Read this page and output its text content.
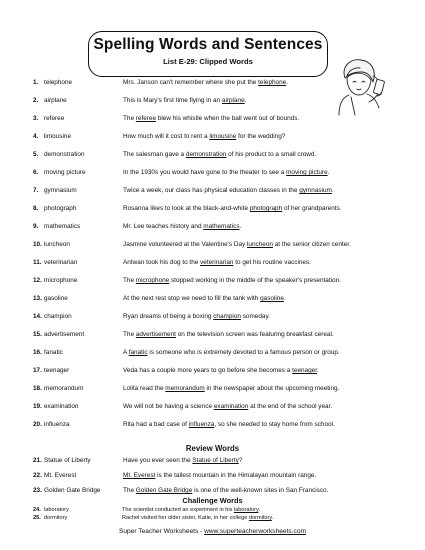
Spelling Words and Sentences
List E-29: Clipped Words
1. telephone	Mrs. Janson can't remember where she put the telephone.
2. airplane	This is Mary's first time flying in an airplane.
3. referee	The referee blew his whistle when the ball went out of bounds.
4. limousine	How much will it cost to rent a limousine for the wedding?
5. demonstration	The salesman gave a demonstration of his product to a small crowd.
6. moving picture	In the 1930s you would have gone to the theater to see a moving picture.
7. gymnasium	Twice a week, our class has physical education classes in the gymnasium.
8. photograph	Rosanna likes to look at the black-and-white photograph of her grandparents.
9. mathematics	Mr. Lee teaches history and mathematics.
10. luncheon	Jasmine volunteered at the Valentine's Day luncheon at the senior citizen center.
11. veterinarian	Antwan took his dog to the veterinarian to get his routine vaccines.
12. microphone	The microphone stopped working in the middle of the speaker's presentation.
13. gasoline	At the next rest stop we need to fill the tank with gasoline.
14. champion	Ryan dreams of being a boxing champion someday.
15. advertisement	The advertisement on the television screen was featuring breakfast cereal.
16. fanatic	A fanatic is someone who is extremely devoted to a famous person or group.
17. teenager	Veda has a couple more years to go before she becomes a teenager.
18. memorandum	Lolita read the memorandum in the newspaper about the upcoming meeting.
19. examination	We will not be having a science examination at the end of the school year.
20. influenza	Rita had a bad case of influenza, so she needed to stay home from school.
Review Words
21. Statue of Liberty	Have you ever seen the Statue of Liberty?
22. Mt. Everest	Mt. Everest is the tallest mountain in the Himalayan mountain range.
23. Golden Gate Bridge	The Golden Gate Bridge is one of the well-known sites in San Francisco.
Challenge Words
24. laboratory	The scientist conducted an experiment in his laboratory.
25. dormitory	Rachel visited her older sister, Katie, in her college dormitory.
Super Teacher Worksheets - www.superteacherworksheets.com
